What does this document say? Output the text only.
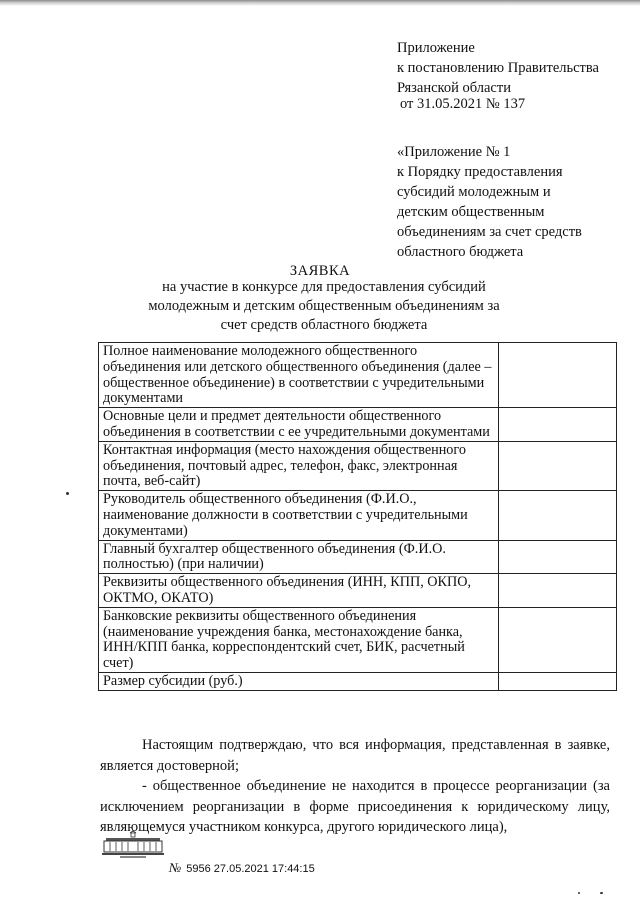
Приложение
к постановлению Правительства
Рязанской области
от 31.05.2021 № 137
«Приложение № 1
к Порядку предоставления
субсидий молодежным и
детским общественным
объединениям за счет средств
областного бюджета
ЗАЯВКА
на участие в конкурсе для предоставления субсидий
молодежным и детским общественным объединениям за
счет средств областного бюджета
Полное наименование молодежного общественного объединения или детского общественного объединения (далее – общественное объединение) в соответствии с учредительными документами	
Основные цели и предмет деятельности общественного объединения в соответствии с ее учредительными документами	
Контактная информация (место нахождения общественного объединения, почтовый адрес, телефон, факс, электронная почта, веб-сайт)	
Руководитель общественного объединения (Ф.И.О., наименование должности в соответствии с учредительными документами)	
Главный бухгалтер общественного объединения (Ф.И.О. полностью) (при наличии)	
Реквизиты общественного объединения (ИНН, КПП, ОКПО, ОКТМО, ОКАТО)	
Банковские реквизиты общественного объединения (наименование учреждения банка, местонахождение банка, ИНН/КПП банка, корреспондентский счет, БИК, расчетный счет)	
Размер субсидии (руб.)	
Настоящим подтверждаю, что вся информация, представленная в заявке, является достоверной;
- общественное объединение не находится в процессе реорганизации (за исключением реорганизации в форме присоединения к юридическому лицу, являющемуся участником конкурса, другого юридического лица),
№ 5956 27.05.2021 17:44:15
